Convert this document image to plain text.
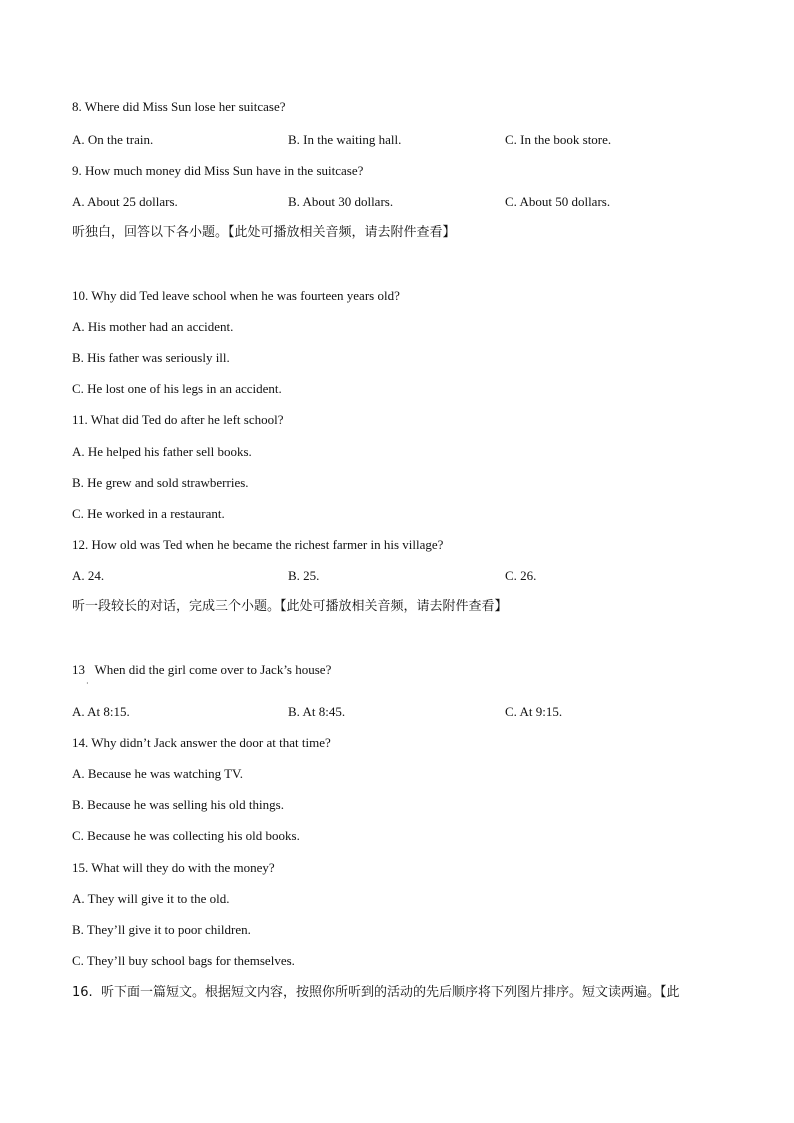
8. Where did Miss Sun lose her suitcase?
A. On the train.	B. In the waiting hall.	C. In the book store.
9. How much money did Miss Sun have in the suitcase?
A. About 25 dollars.	B. About 30 dollars.	C. About 50 dollars.
听独白，回答以下各小题。【此处可播放相关音频，请去附件查看】
10. Why did Ted leave school when he was fourteen years old?
A. His mother had an accident.
B. His father was seriously ill.
C. He lost one of his legs in an accident.
11. What did Ted do after he left school?
A. He helped his father sell books.
B. He grew and sold strawberries.
C. He worked in a restaurant.
12. How old was Ted when he became the richest farmer in his village?
A. 24.	B. 25.	C. 26.
听一段较长的对话，完成三个小题。【此处可播放相关音频，请去附件查看】
13   When did the girl come over to Jack’s house?
·
A. At 8:15.	B. At 8:45.	C. At 9:15.
14. Why didn’t Jack answer the door at that time?
A. Because he was watching TV.
B. Because he was selling his old things.
C. Because he was collecting his old books.
15. What will they do with the money?
A. They will give it to the old.
B. They’ll give it to poor children.
C. They’ll buy school bags for themselves.
16.  听下面一篇短文。根据短文内容，按照你所听到的活动的先后顺序将下列图片排序。短文读两遍。【此
